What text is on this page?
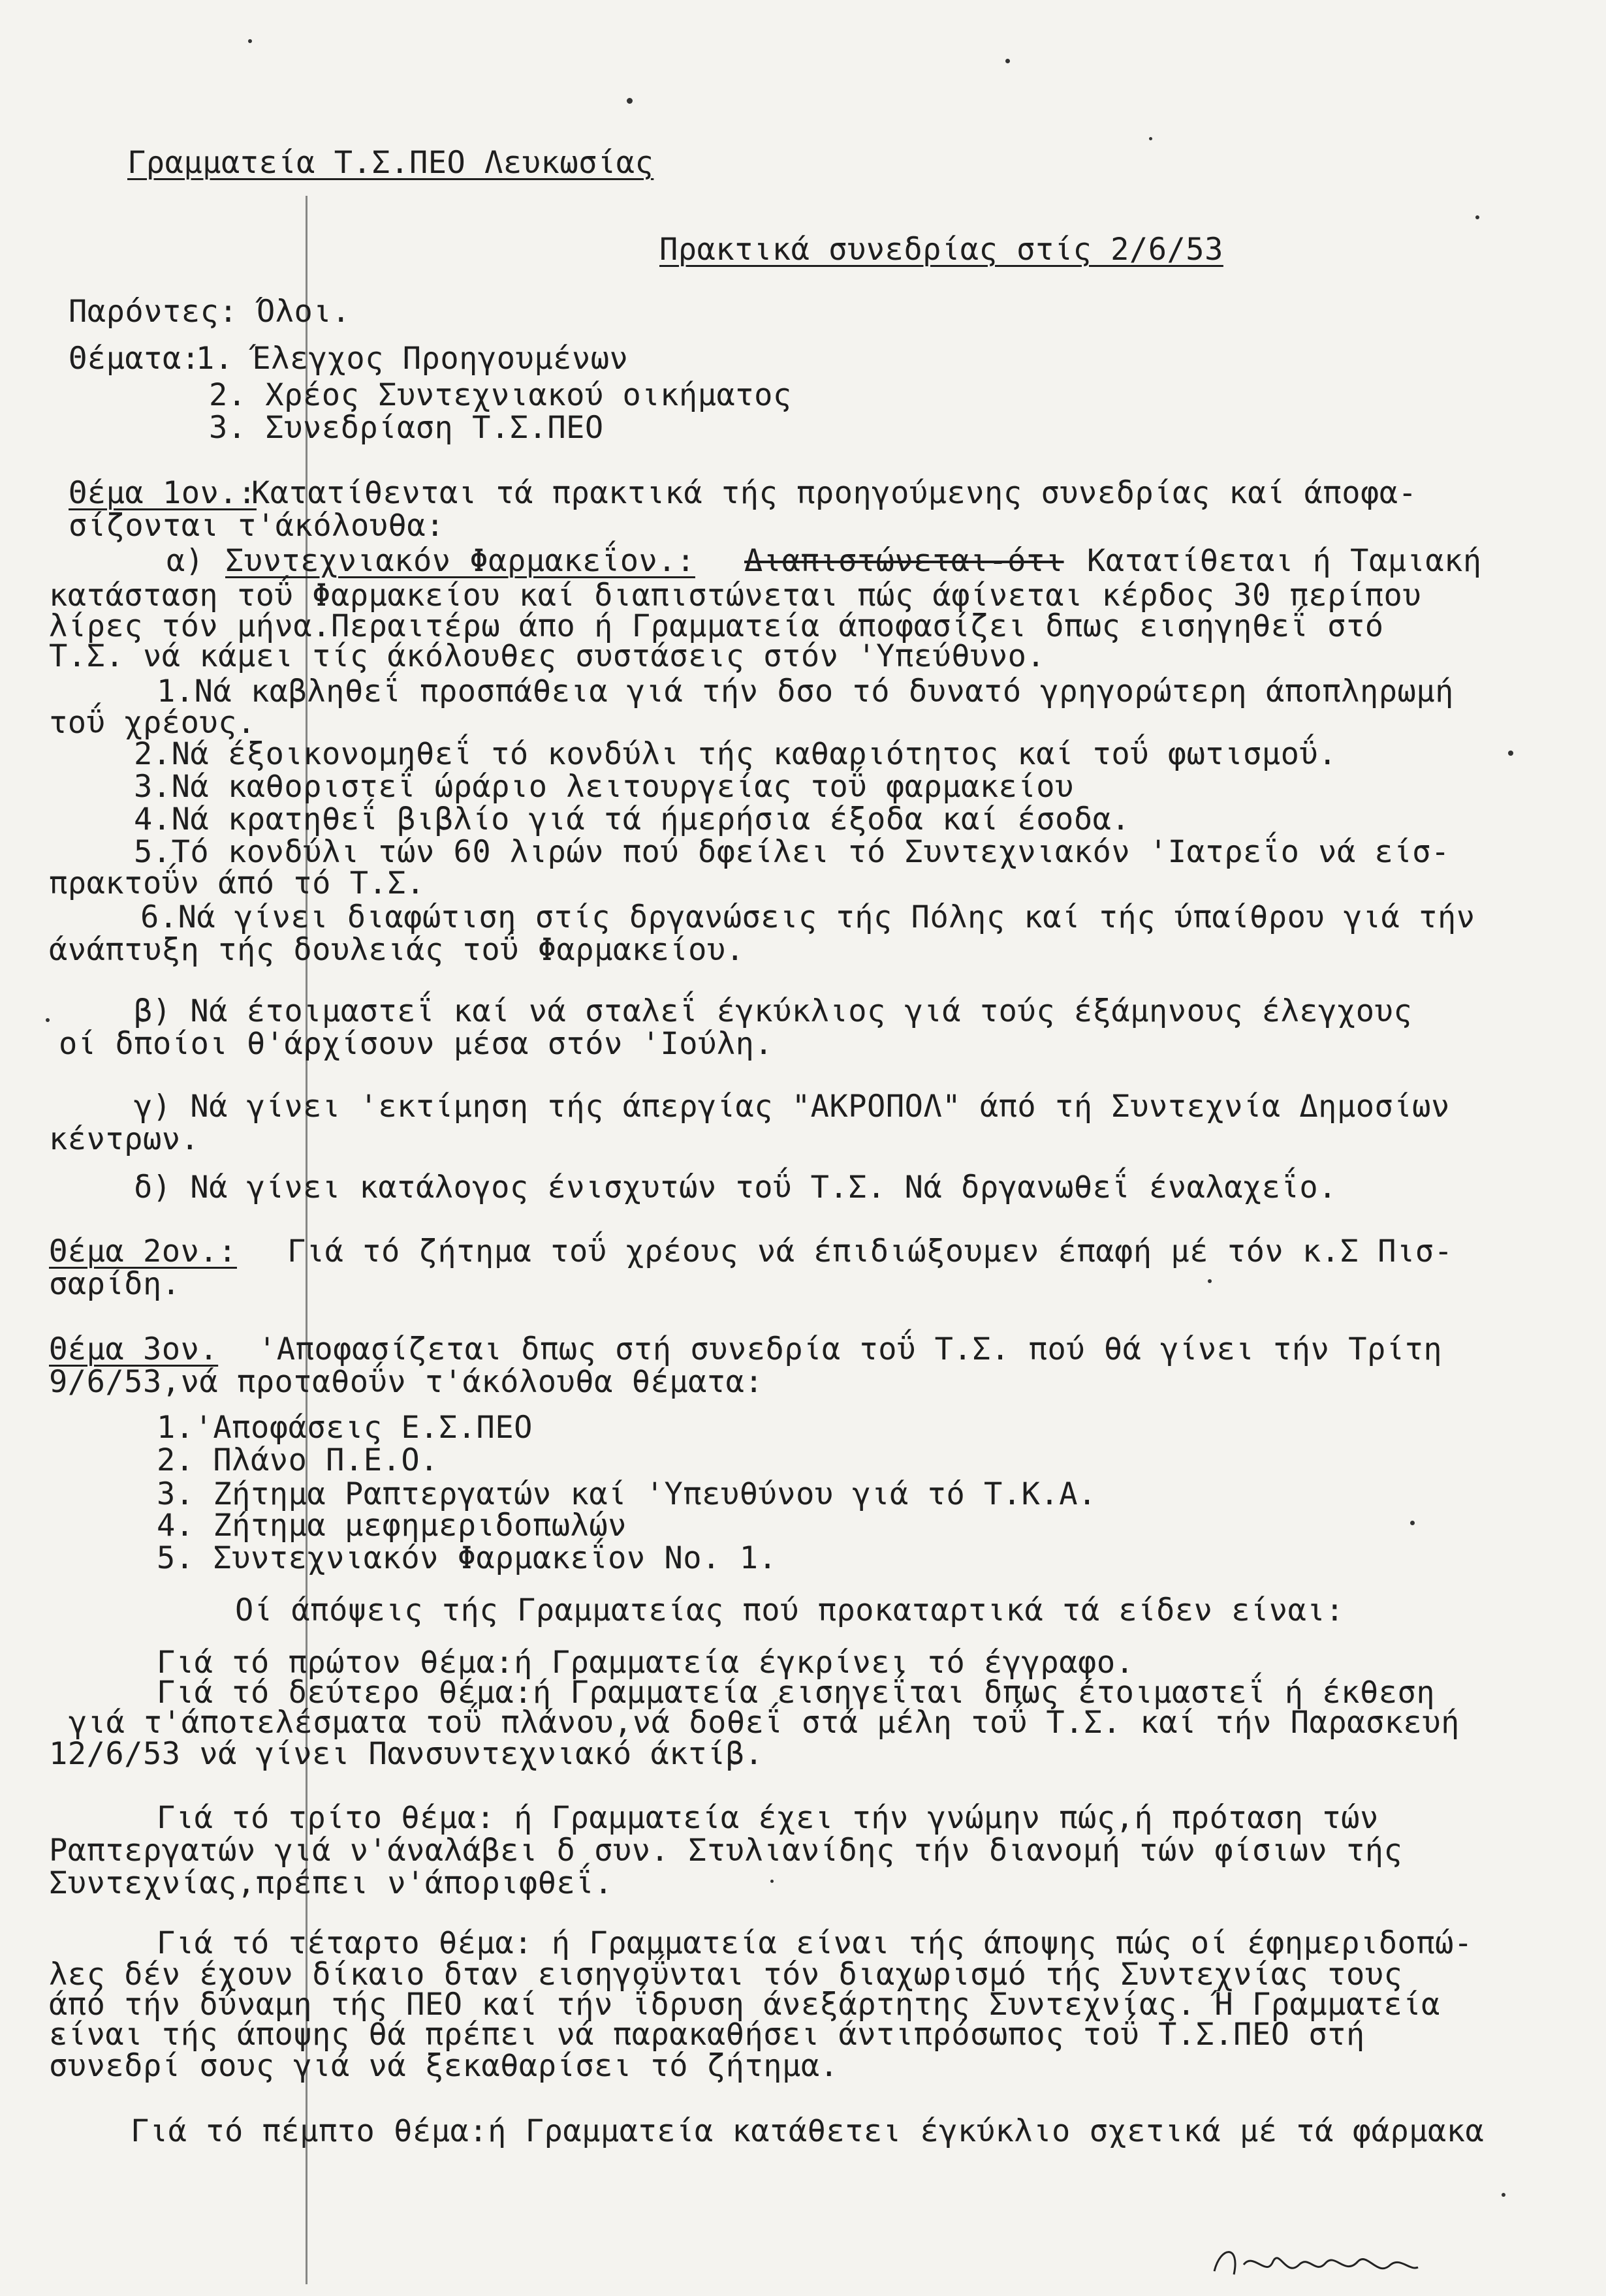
Γραμματεία Τ.Σ.ΠΕΟ Λευκωσίας
Πρακτικά συνεδρίας στίς 2/6/53
Παρόντες: Όλοι.
Θέματα:
1. Έλεγχος Προηγουμένων
2. Χρέος Συντεχνιακού οικήματος
3. Συνεδρίαση Τ.Σ.ΠΕΟ
Θέμα 1ον.:
Κατατίθενται τά πρακτικά τής προηγούμενης συνεδρίας καί άποφα-
σίζονται τ'άκόλουθα:
α) Συντεχνιακόν Φαρμακεΐον.: Διαπιστώνεται-ότι Κατατίθεται ή Ταμιακή
κατάσταση τοΰ Φαρμακείου καί διαπιστώνεται πώς άφίνεται κέρδος 30 περίπου
λίρες τόν μήνα.Περαιτέρω άπο ή Γραμματεία άποφασίζει δπως εισηγηθεΐ στό
Τ.Σ. νά κάμει τίς άκόλουθες συστάσεις στόν 'Υπεύθυνο.
1.Νά καβληθεΐ προσπάθεια γιά τήν δσο τό δυνατό γρηγορώτερη άποπληρωμή
τοΰ χρέους.
2.Νά έξοικονομηθεΐ τό κονδύλι τής καθαριότητος καί τοΰ φωτισμοΰ.
3.Νά καθοριστεΐ ώράριο λειτουργείας τοΰ φαρμακείου
4.Νά κρατηθεΐ βιβλίο γιά τά ήμερήσια έξοδα καί έσοδα.
5.Τό κονδύλι τών 60 λιρών πού δφείλει τό Συντεχνιακόν 'Ιατρεΐο νά είσ-
πρακτοΰν άπό τό Τ.Σ.
6.Νά γίνει διαφώτιση στίς δργανώσεις τής Πόλης καί τής ύπαίθρου γιά τήν
άνάπτυξη τής δουλειάς τοΰ Φαρμακείου.
β) Νά έτοιμαστεΐ καί νά σταλεΐ έγκύκλιος γιά τούς έξάμηνους έλεγχους
οί δποίοι θ'άρχίσουν μέσα στόν 'Ιούλη.
γ) Νά γίνει 'εκτίμηση τής άπεργίας "ΑΚΡΟΠΟΛ" άπό τή Συντεχνία Δημοσίων
κέντρων.
δ) Νά γίνει κατάλογος ένισχυτών τοΰ Τ.Σ. Νά δργανωθεΐ έναλαχεΐο.
Θέμα 2ον.: Γιά τό ζήτημα τοΰ χρέους νά έπιδιώξουμεν έπαφή μέ τόν κ.Σ Πισ-
σαρίδη.
Θέμα 3ον. 'Αποφασίζεται δπως στή συνεδρία τοΰ Τ.Σ. πού θά γίνει τήν Τρίτη
9/6/53,νά προταθοΰν τ'άκόλουθα θέματα:
1.'Αποφάσεις Ε.Σ.ΠΕΟ
2. Πλάνο Π.Ε.Ο.
3. Ζήτημα Ραπτεργατών καί 'Υπευθύνου γιά τό Τ.Κ.Α.
4. Ζήτημα μεφημεριδοπωλών
5. Συντεχνιακόν Φαρμακεΐον Νο. 1.
Οί άπόψεις τής Γραμματείας πού προκαταρτικά τά είδεν είναι:
Γιά τό πρώτον θέμα:ή Γραμματεία έγκρίνει τό έγγραφο.
Γιά τό δεύτερο θέμα:ή Γραμματεία εισηγεΐται δπως έτοιμαστεΐ ή έκθεση
γιά τ'άποτελέσματα τοΰ πλάνου,νά δοθεΐ στά μέλη τοΰ Τ.Σ. καί τήν Παρασκευή
12/6/53 νά γίνει Πανσυντεχνιακό άκτίβ.
Γιά τό τρίτο θέμα: ή Γραμματεία έχει τήν γνώμην πώς,ή πρόταση τών
Ραπτεργατών γιά ν'άναλάβει δ συν. Στυλιανίδης τήν διανομή τών φίσιων τής
Συντεχνίας,πρέπει ν'άποριφθεΐ.
Γιά τό τέταρτο θέμα: ή Γραμματεία είναι τής άποψης πώς οί έφημεριδοπώ-
λες δέν έχουν δίκαιο δταν εισηγοΰνται τόν διαχωρισμό τής Συντεχνίας τους
άπό τήν δύναμη τής ΠΕΟ καί τήν ΐδρυση άνεξάρτητης Συντεχνίας. Ή Γραμματεία
είναι τής άποψης θά πρέπει νά παρακαθήσει άντιπρόσωπος τοΰ Τ.Σ.ΠΕΟ στή
συνεδρί σους γιά νά ξεκαθαρίσει τό ζήτημα.
Γιά τό πέμπτο θέμα:ή Γραμματεία κατάθετει έγκύκλιο σχετικά μέ τά φάρμακα
